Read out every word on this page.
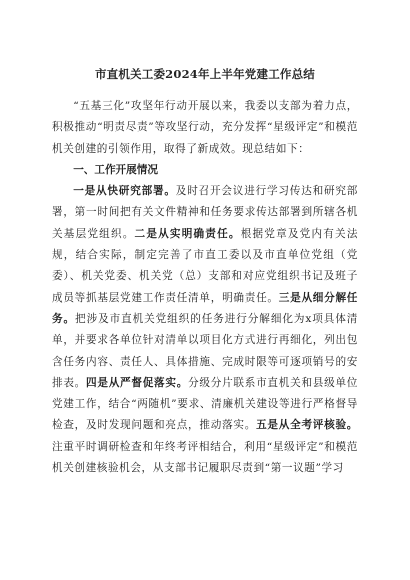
市直机关工委2024年上半年党建工作总结

“五基三化”攻坚年行动开展以来，我委以支部为着力点，积极推动“明责尽责”等攻坚行动，充分发挥“星级评定”和模范机关创建的引领作用，取得了新成效。现总结如下：

一、工作开展情况

一是从快研究部署。及时召开会议进行学习传达和研究部署，第一时间把有关文件精神和任务要求传达部署到所辖各机关基层党组织。二是从实明确责任。根据党章及党内有关法规，结合实际，制定完善了市直工委以及市直单位党组（党委）、机关党委、机关党（总）支部和对应党组织书记及班子成员等抓基层党建工作责任清单，明确责任。三是从细分解任务。把涉及市直机关党组织的任务进行分解细化为x项具体清单，并要求各单位针对清单以项目化方式进行再细化，列出包含任务内容、责任人、具体措施、完成时限等可逐项销号的安排表。四是从严督促落实。分级分片联系市直机关和县级单位党建工作，结合“两随机”要求、清廉机关建设等进行严格督导检查，及时发现问题和亮点，推动落实。五是从全考评核验。注重平时调研检查和年终考评相结合，利用“星级评定”和模范机关创建核验机会，从支部书记履职尽责到“第一议题”学习
